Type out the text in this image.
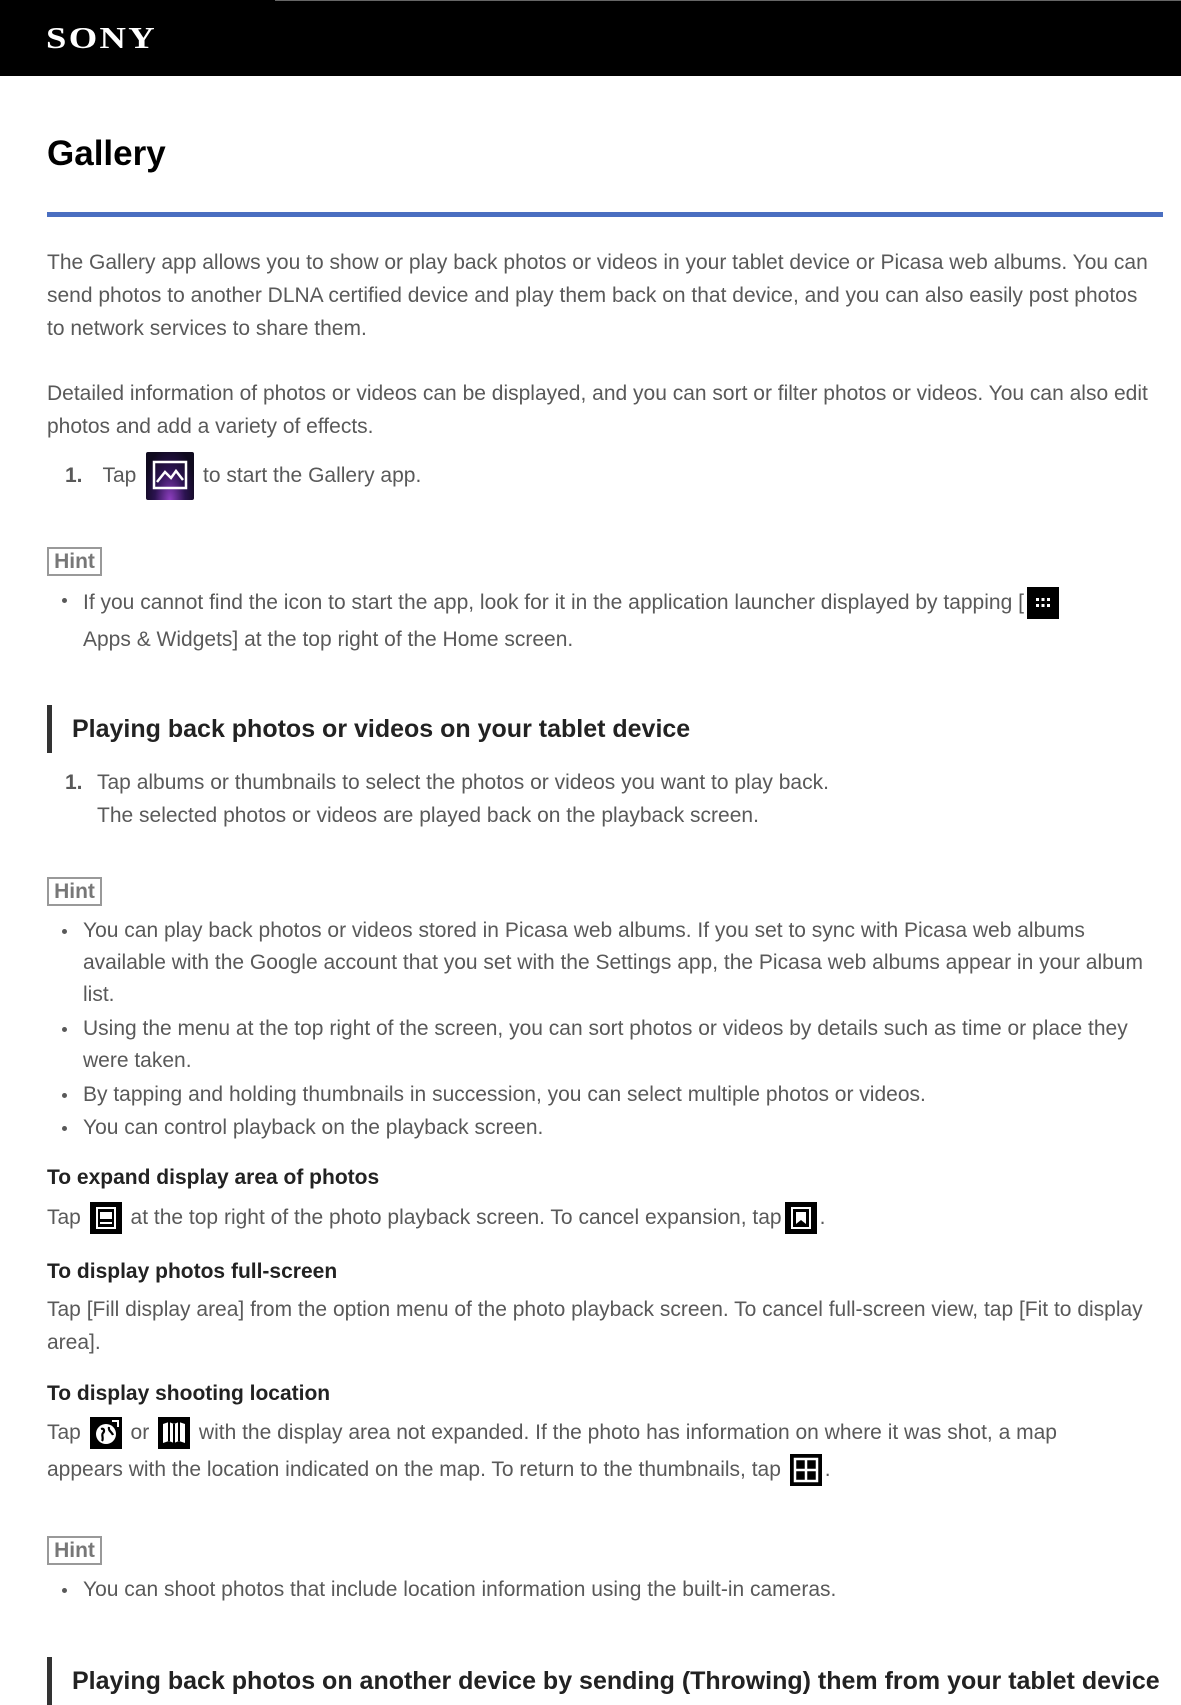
SONY
Gallery

The Gallery app allows you to show or play back photos or videos in your tablet device or Picasa web albums. You can send photos to another DLNA certified device and play them back on that device, and you can also easily post photos to network services to share them.

Detailed information of photos or videos can be displayed, and you can sort or filter photos or videos. You can also edit photos and add a variety of effects.

1. Tap	to start the Gallery app.
Hint
If you cannot find the icon to start the app, look for it in the application launcher displayed by tapping [

Apps & Widgets] at the top right of the Home screen.
Playing back photos or videos on your tablet device
1. Tap albums or thumbnails to select the photos or videos you want to play back.
The selected photos or videos are played back on the playback screen.
Hint
You can play back photos or videos stored in Picasa web albums. If you set to sync with Picasa web albums available with the Google account that you set with the Settings app, the Picasa web albums appear in your album list.
Using the menu at the top right of the screen, you can sort photos or videos by details such as time or place they were taken.
By tapping and holding thumbnails in succession, you can select multiple photos or videos.
You can control playback on the playback screen.
To expand display area of photos
Tap at the top right of the photo playback screen. To cancel expansion, tap .
To display photos full-screen

Tap [Fill display area] from the option menu of the photo playback screen. To cancel full-screen view, tap [Fit to display area].

To display shooting location
Tap or with the display area not expanded. If the photo has information on where it was shot, a map
appears with the location indicated on the map. To return to the thumbnails, tap .
Hint
You can shoot photos that include location information using the built-in cameras.
Playing back photos on another device by sending (Throwing) them from your tablet device
